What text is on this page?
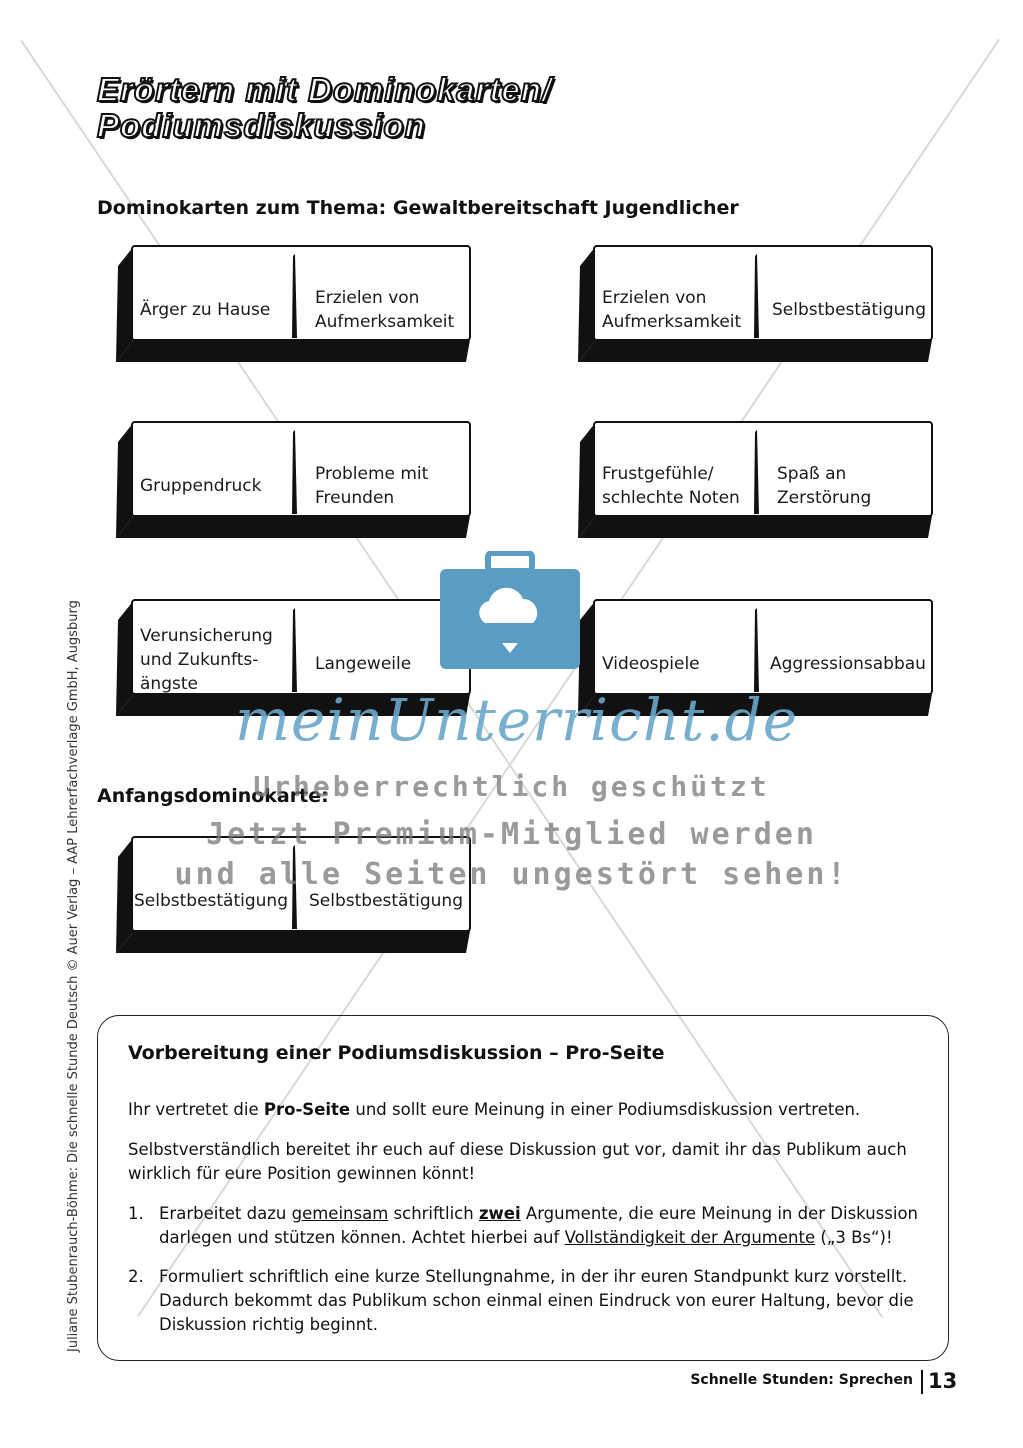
Erörtern mit Dominokarten/
Podiumsdiskussion
Dominokarten zum Thema: Gewaltbereitschaft Jugendlicher
Ärger zu Hause
Erzielen von Aufmerksamkeit
Erzielen von Aufmerksamkeit
Selbstbestätigung
Gruppendruck
Probleme mit Freunden
Frustgefühle/ schlechte Noten
Spaß an Zerstörung
Verunsicherung und Zukunfts-ängste
Langeweile	Videospiele	Aggressionsabbau
Anfangsdominokarte:
Selbstbestätigung	Selbstbestätigung
meinUnterricht.de
Urheberrechtlich geschützt
Jetzt Premium-Mitglied werden
und alle Seiten ungestört sehen!
Vorbereitung einer Podiumsdiskussion – Pro-Seite
Ihr vertretet die Pro-Seite und sollt eure Meinung in einer Podiumsdiskussion vertreten.
Selbstverständlich bereitet ihr euch auf diese Diskussion gut vor, damit ihr das Publikum auch wirklich für eure Position gewinnen könnt!
1. Erarbeitet dazu gemeinsam schriftlich zwei Argumente, die eure Meinung in der Diskussion darlegen und stützen können. Achtet hierbei auf Vollständigkeit der Argumente („3 Bs“)!
2. Formuliert schriftlich eine kurze Stellungnahme, in der ihr euren Standpunkt kurz vorstellt. Dadurch bekommt das Publikum schon einmal einen Eindruck von eurer Haltung, bevor die Diskussion richtig beginnt.
Juliane Stubenrauch-Böhme: Die schnelle Stunde Deutsch © Auer Verlag – AAP Lehrerfachverlage GmbH, Augsburg
Schnelle Stunden: Sprechen 13
